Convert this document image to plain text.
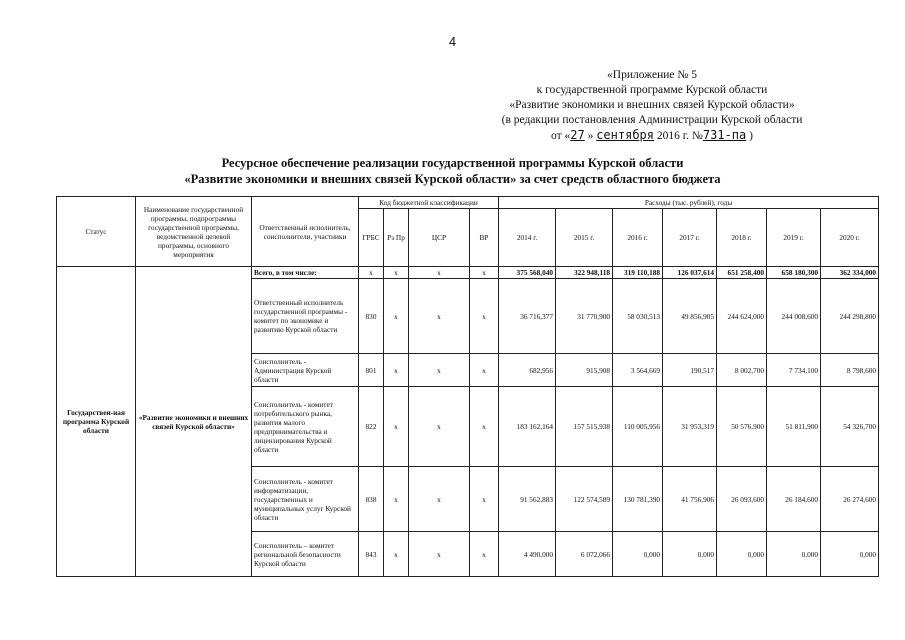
4
«Приложение № 5
к государственной программе Курской области
«Развитие экономики и внешних связей Курской области»
(в редакции постановления Администрации Курской области
от «27 » сентября 2016 г. №731-па )
Ресурсное обеспечение реализации государственной программы Курской области
«Развитие экономики и внешних связей Курской области» за счет средств областного бюджета
Статус	Наименование государственной программы, подпрограммы государственной программы, ведомственной целевой программы, основного мероприятия	Ответственный исполнитель, соисполнители, участники	Код бюджетной классификации				Расходы (тыс. рублей), годы						
			ГРБС	Рз Пр	ЦСР	ВР	2014 г.	2015 г.	2016 г.	2017 г.	2018 г.	2019 г.	2020 г.
Государствен-ная программа Курской области	«Развитие экономики и внешних связей Курской области»	Всего, в том числе:	х	х	х	х	375 568,040	322 948,118	319 110,188	126 037,614	651 258,400	658 180,300	362 334,000
		Ответственный исполнитель государственной программы - комитет по экономике и развитию Курской области	830	х	х	х	36 716,377	31 770,900	58 030,513	49 856,905	244 624,000	244 008,600	244 298,800
		Соисполнитель - Администрация Курской области	801	х	х	х	682,956	915,908	3 564,669	190,517	8 002,700	7 734,100	8 798,600
		Соисполнитель - комитет потребительского рынка, развития малого предпринимательства и лицензирования Курской области	822	х	х	х	183 162,164	157 515,938	110 005,956	31 953,319	50 576,900	51 811,900	54 326,700
		Соисполнитель - комитет информатизации, государственных и муниципальных услуг Курской области	838	х	х	х	91 562,883	122 574,589	130 781,390	41 756,906	26 093,600	26 184,600	26 274,600
		Соисполнитель – комитет региональной безопасности Курской области	843	х	х	х	4 490,000	6 072,066	0,000	0,000	0,000	0,000	0,000
